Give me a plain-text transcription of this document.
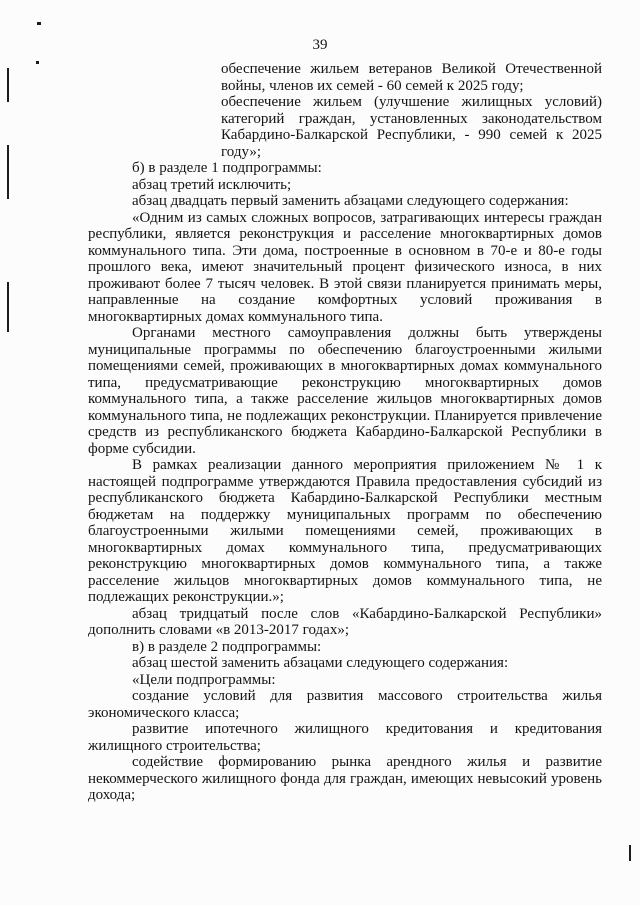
39

обеспечение жильем ветеранов Великой Отечественной войны, членов их семей - 60 семей к 2025 году;

обеспечение жильем (улучшение жилищных условий) категорий граждан, установленных законодательством Кабардино-Балкарской Республики, - 990 семей к 2025 году»;

б) в разделе 1 подпрограммы:

абзац третий исключить;

абзац двадцать первый заменить абзацами следующего содержания:

«Одним из самых сложных вопросов, затрагивающих интересы граждан республики, является реконструкция и расселение многоквартирных домов коммунального типа. Эти дома, построенные в основном в 70-е и 80-е годы прошлого века, имеют значительный процент физического износа, в них проживают более 7 тысяч человек. В этой связи планируется принимать меры, направленные на создание комфортных условий проживания в многоквартирных домах коммунального типа.

Органами местного самоуправления должны быть утверждены муниципальные программы по обеспечению благоустроенными жилыми помещениями семей, проживающих в многоквартирных домах коммунального типа, предусматривающие реконструкцию многоквартирных домов коммунального типа, а также расселение жильцов многоквартирных домов коммунального типа, не подлежащих реконструкции. Планируется привлечение средств из республиканского бюджета Кабардино-Балкарской Республики в форме субсидии.

В рамках реализации данного мероприятия приложением № 1 к настоящей подпрограмме утверждаются Правила предоставления субсидий из республиканского бюджета Кабардино-Балкарской Республики местным бюджетам на поддержку муниципальных программ по обеспечению благоустроенными жилыми помещениями семей, проживающих в многоквартирных домах коммунального типа, предусматривающих реконструкцию многоквартирных домов коммунального типа, а также расселение жильцов многоквартирных домов коммунального типа, не подлежащих реконструкции.»;

абзац тридцатый после слов «Кабардино-Балкарской Республики» дополнить словами «в 2013-2017 годах»;

в) в разделе 2 подпрограммы:

абзац шестой заменить абзацами следующего содержания:

«Цели подпрограммы:

создание условий для развития массового строительства жилья экономического класса;

развитие ипотечного жилищного кредитования и кредитования жилищного строительства;

содействие формированию рынка арендного жилья и развитие некоммерческого жилищного фонда для граждан, имеющих невысокий уровень дохода;
